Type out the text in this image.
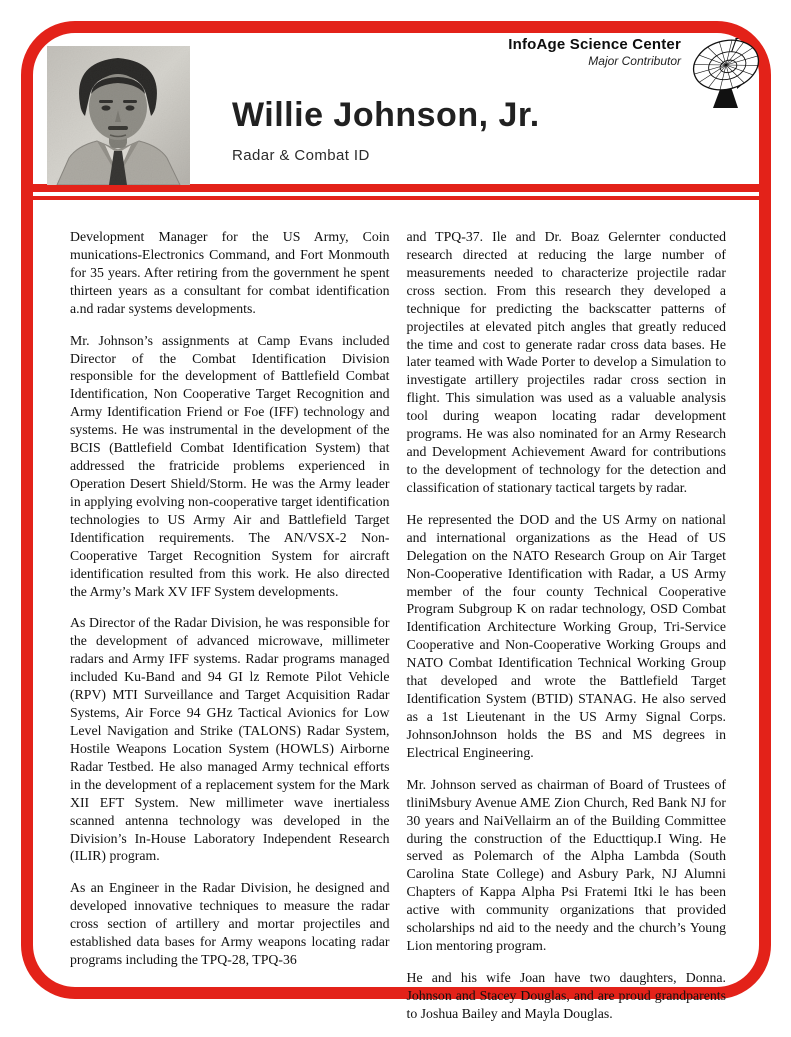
Willie Johnson, Jr.
Radar & Combat ID
InfoAge Science Center
Major Contributor

Development Manager for the US Army, Coin munications-Electronics Command, and Fort Monmouth for 35 years. After retiring from the government he spent thirteen years as a consultant for combat identification a.nd radar systems developments.

Mr. Johnson’s assignments at Camp Evans included Director of the Combat Identification Division responsible for the development of Battlefield Combat Identification, Non Cooperative Target Recognition and Army Identification Friend or Foe (IFF) technology and systems. He was instrumental in the development of the BCIS (Battlefield Combat Identification System) that addressed the fratricide problems experienced in Operation Desert Shield/Storm. He was the Army leader in applying evolving non-cooperative target identification technologies to US Army Air and Battlefield Target Identification requirements. The AN/VSX-2 Non-Cooperative Target Recognition System for aircraft identification resulted from this work. He also directed the Army’s Mark XV IFF System developments.

As Director of the Radar Division, he was responsible for the development of advanced microwave, millimeter radars and Army IFF systems. Radar programs managed included Ku-Band and 94 GI lz Remote Pilot Vehicle (RPV) MTI Surveillance and Target Acquisition Radar Systems, Air Force 94 GHz Tactical Avionics for Low Level Navigation and Strike (TALONS) Radar System, Hostile Weapons Location System (HOWLS) Airborne Radar Testbed. He also managed Army technical efforts in the development of a replacement system for the Mark XII EFT System. New millimeter wave inertialess scanned antenna technology was developed in the Division’s In-House Laboratory Independent Research (ILIR) program.

As an Engineer in the Radar Division, he designed and developed innovative techniques to measure the radar cross section of artillery and mortar projectiles and established data bases for Army weapons locating radar programs including the TPQ-28, TPQ-36

and TPQ-37. Ile and Dr. Boaz Gelernter conducted research directed at reducing the large number of measurements needed to characterize projectile radar cross section. From this research they developed a technique for predicting the backscatter patterns of projectiles at elevated pitch angles that greatly reduced the time and cost to generate radar cross data bases. He later teamed with Wade Porter to develop a Simulation to investigate artillery projectiles radar cross section in flight. This simulation was used as a valuable analysis tool during weapon locating radar development programs. He was also nominated for an Army Research and Development Achievement Award for contributions to the development of technology for the detection and classification of stationary tactical targets by radar.

He represented the DOD and the US Army on national and international organizations as the Head of US Delegation on the NATO Research Group on Air Target Non-Cooperative Identification with Radar, a US Army member of the four county Technical Cooperative Program Subgroup K on radar technology, OSD Combat Identification Architecture Working Group, Tri-Service Cooperative and Non-Cooperative Working Groups and NATO Combat Identification Technical Working Group that developed and wrote the Battlefield Target Identification System (BTID) STANAG. He also served as a 1st Lieutenant in the US Army Signal Corps. JohnsonJohnson holds the BS and MS degrees in Electrical Engineering.

Mr. Johnson served as chairman of Board of Trustees of tliniMsbury Avenue AME Zion Church, Red Bank NJ for 30 years and NaiVellairm an of the Building Committee during the construction of the Educttiqup.I Wing. He served as Polemarch of the Alpha Lambda (South Carolina State College) and Asbury Park, NJ Alumni Chapters of Kappa Alpha Psi Fratemi Itki le has been active with community organizations that provided scholarships nd aid to the needy and the church’s Young Lion mentoring program.

He and his wife Joan have two daughters, Donna. Johnson and Stacey Douglas, and are proud grandparents to Joshua Bailey and Mayla Douglas.
